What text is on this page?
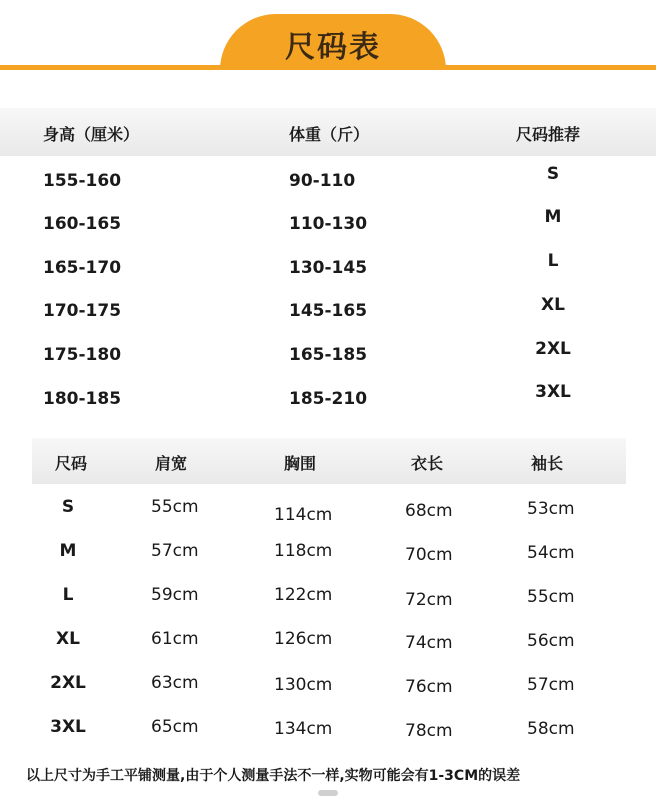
尺码表
身高（厘米）	体重（斤）	尺码推荐
155-160	90-110	S
160-165	110-130	M
165-170	130-145	L
170-175	145-165	XL
175-180	165-185	2XL
180-185	185-210	3XL
尺码	肩宽	胸围	衣长	袖长
S	55cm	114cm	68cm	53cm
M	57cm	118cm	70cm	54cm
L	59cm	122cm	72cm	55cm
XL	61cm	126cm	74cm	56cm
2XL	63cm	130cm	76cm	57cm
3XL	65cm	134cm	78cm	58cm
以上尺寸为手工平铺测量,由于个人测量手法不一样,实物可能会有1-3CM的误差
